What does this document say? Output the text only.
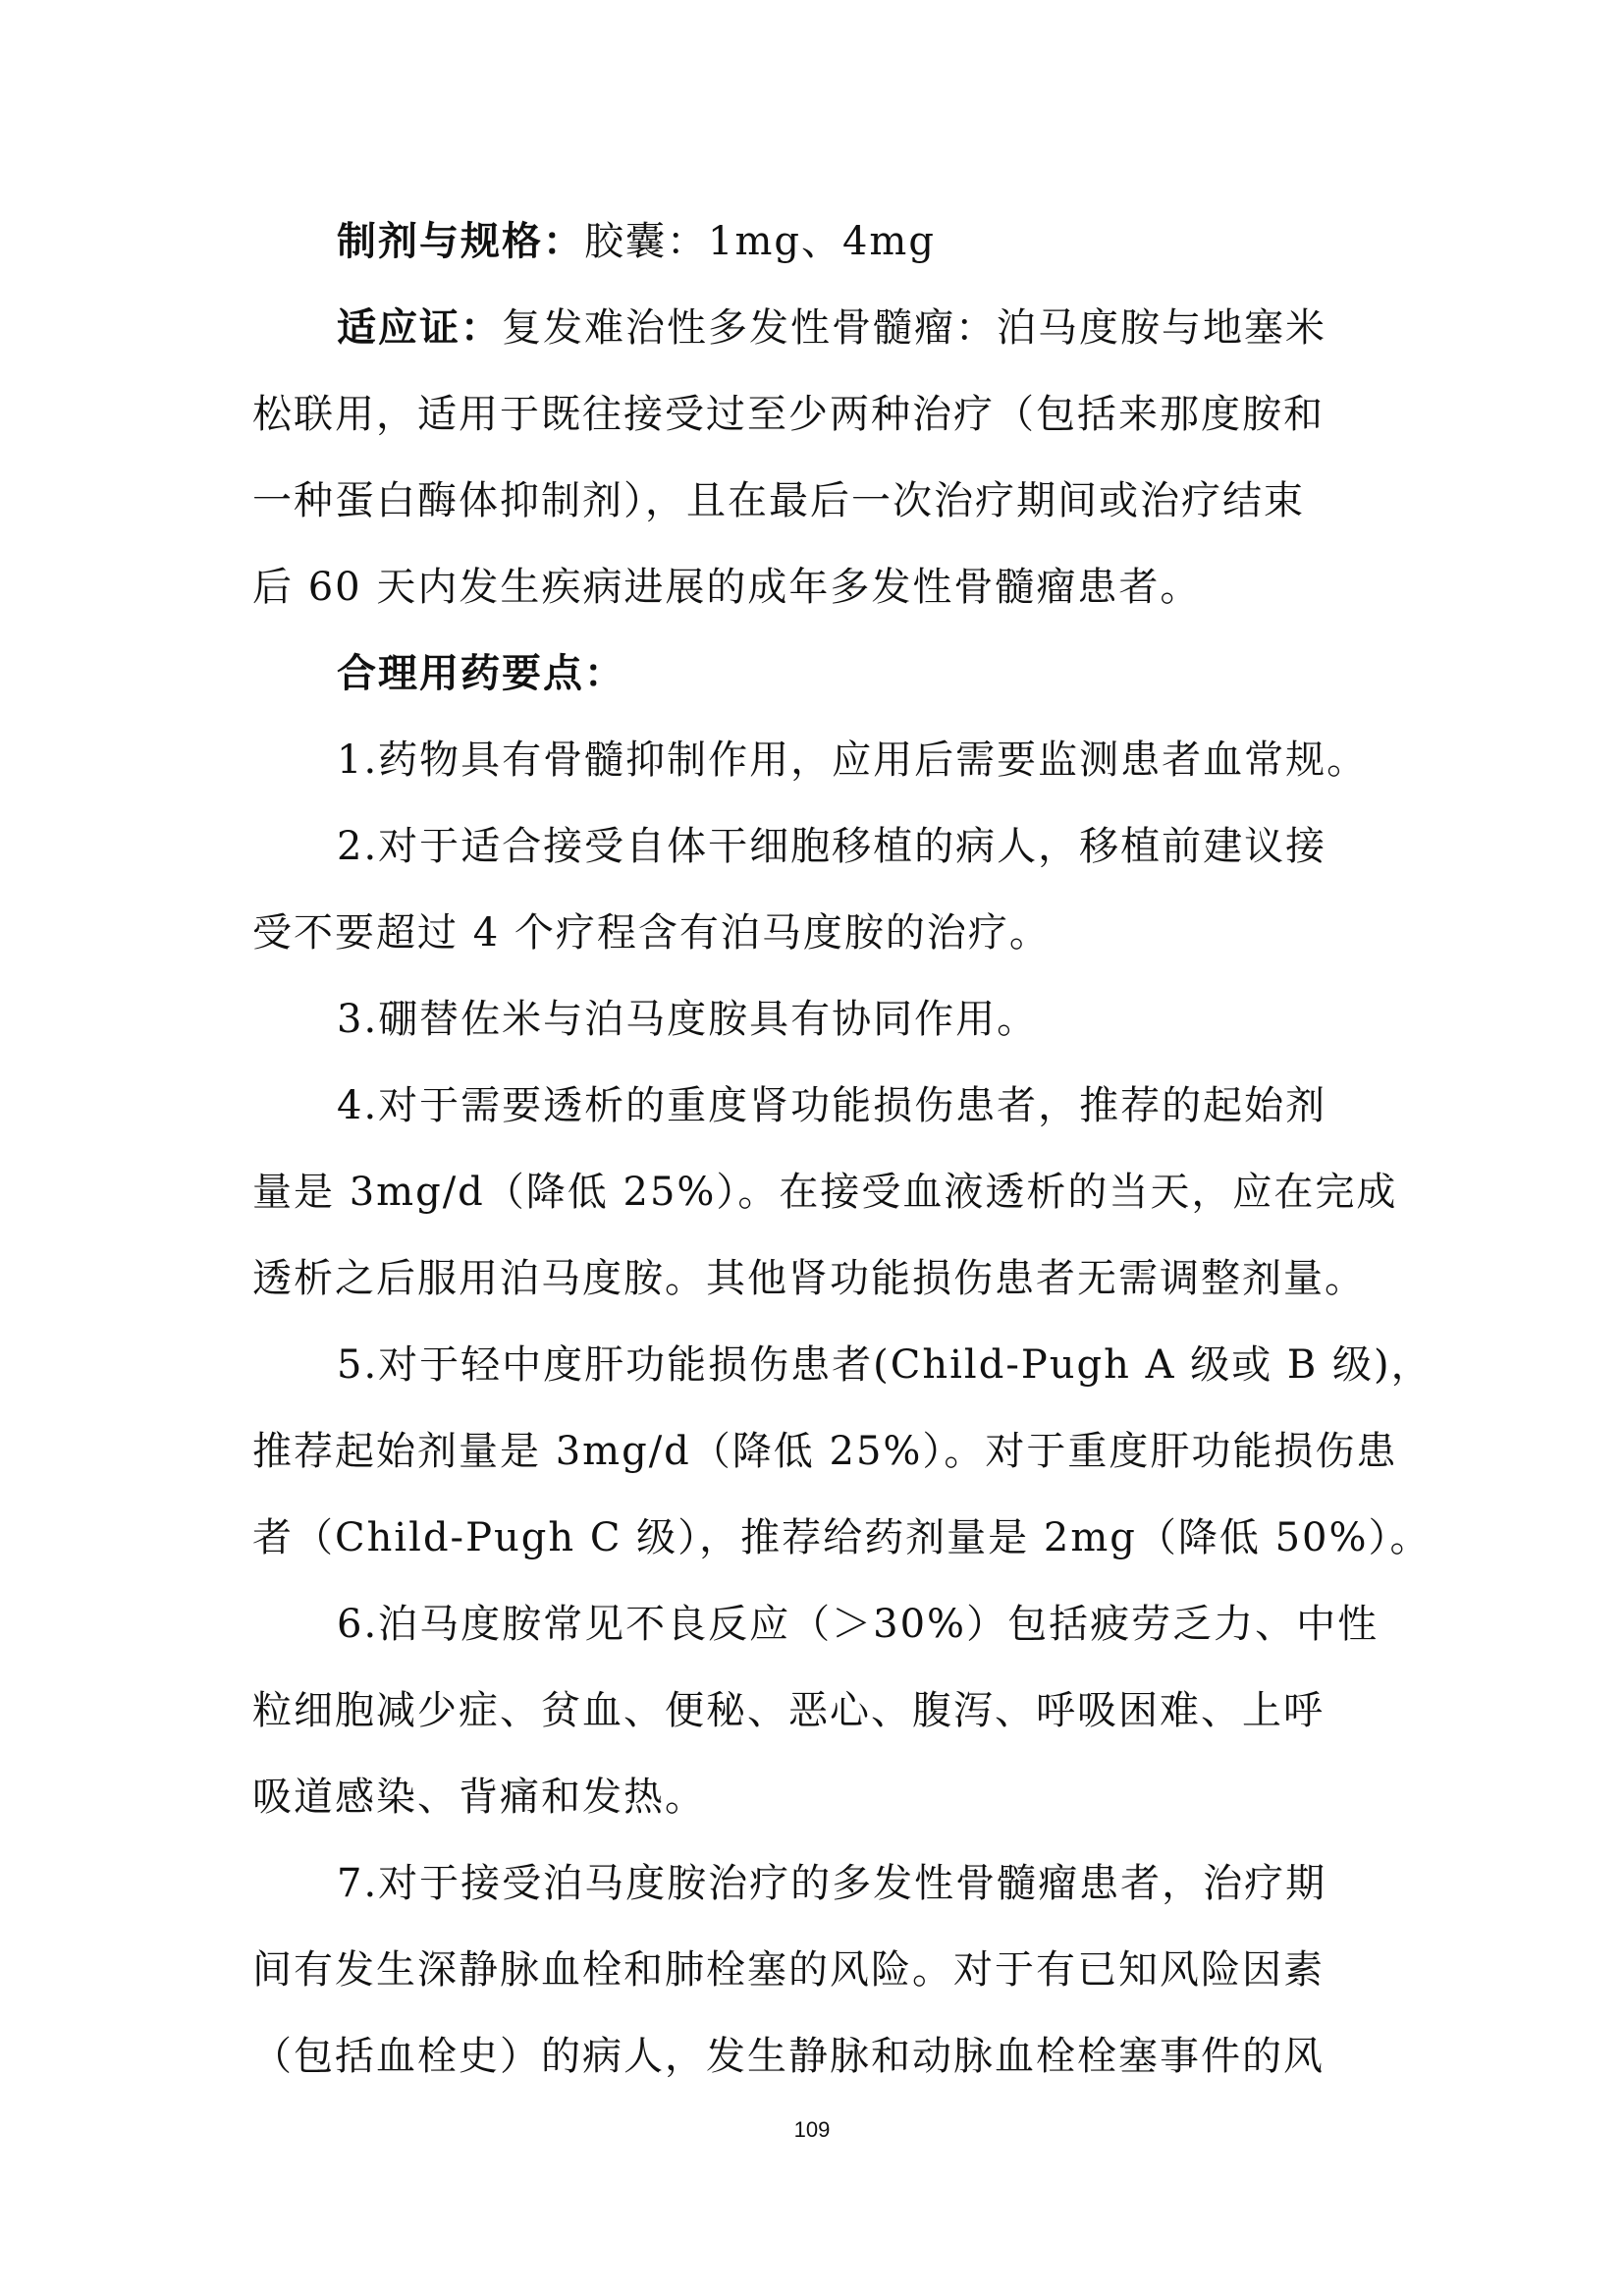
制剂与规格：胶囊：1mg、4mg
适应证：复发难治性多发性骨髓瘤：泊马度胺与地塞米
松联用，适用于既往接受过至少两种治疗（包括来那度胺和
一种蛋白酶体抑制剂），且在最后一次治疗期间或治疗结束
后 60 天内发生疾病进展的成年多发性骨髓瘤患者。
合理用药要点：
1.药物具有骨髓抑制作用，应用后需要监测患者血常规。
2.对于适合接受自体干细胞移植的病人，移植前建议接
受不要超过 4 个疗程含有泊马度胺的治疗。
3.硼替佐米与泊马度胺具有协同作用。
4.对于需要透析的重度肾功能损伤患者，推荐的起始剂
量是 3mg/d（降低 25%）。在接受血液透析的当天，应在完成
透析之后服用泊马度胺。其他肾功能损伤患者无需调整剂量。
5.对于轻中度肝功能损伤患者(Child-Pugh A 级或 B 级)，
推荐起始剂量是 3mg/d（降低 25%）。对于重度肝功能损伤患
者（Child-Pugh C 级），推荐给药剂量是 2mg（降低 50%）。
6.泊马度胺常见不良反应（＞30%）包括疲劳乏力、中性
粒细胞减少症、贫血、便秘、恶心、腹泻、呼吸困难、上呼
吸道感染、背痛和发热。
7.对于接受泊马度胺治疗的多发性骨髓瘤患者，治疗期
间有发生深静脉血栓和肺栓塞的风险。对于有已知风险因素
（包括血栓史）的病人，发生静脉和动脉血栓栓塞事件的风
109
